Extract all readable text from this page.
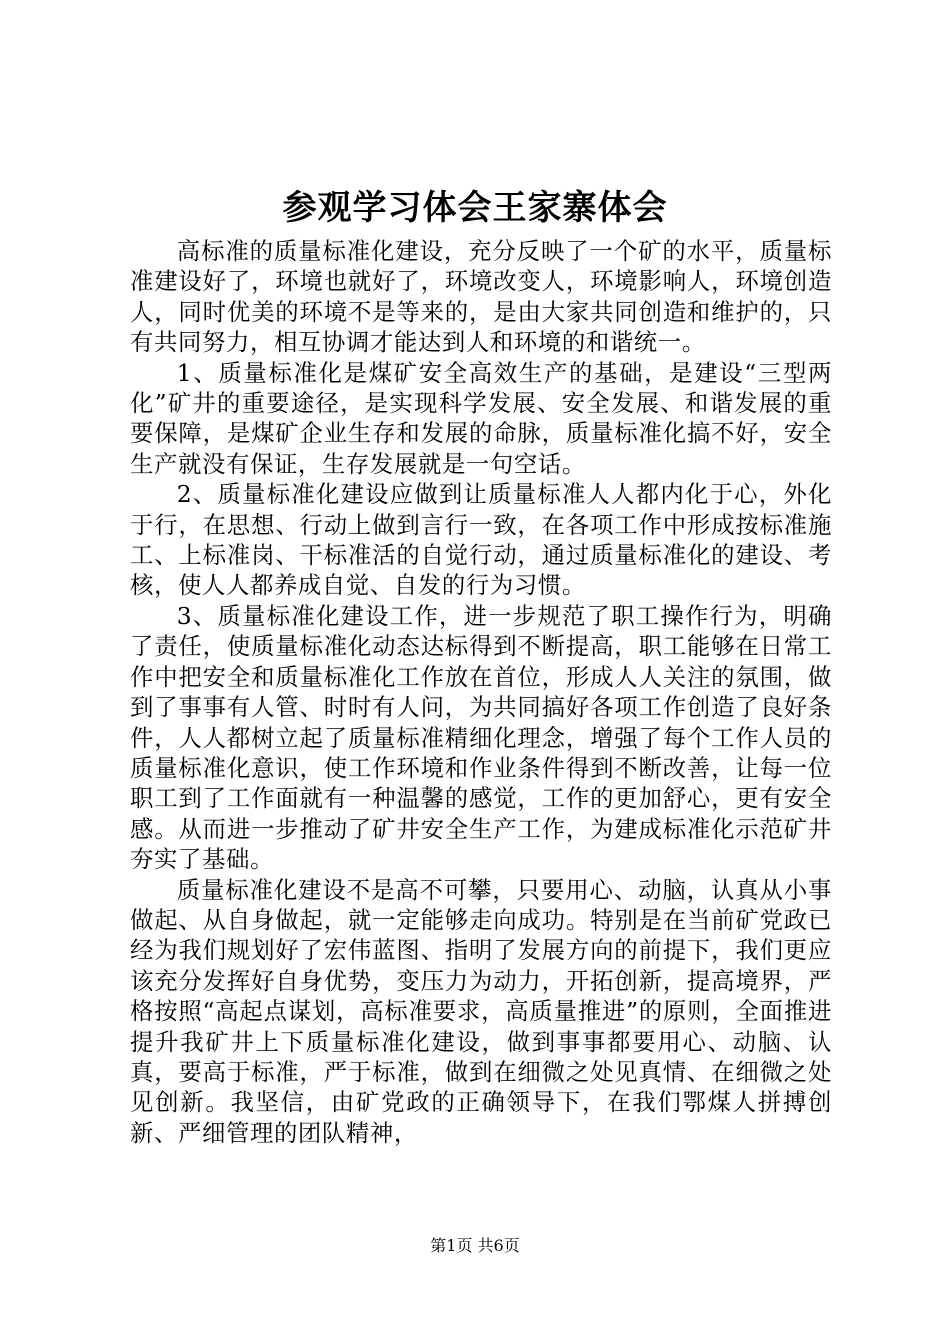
参观学习体会王家寨体会

高标准的质量标准化建设，充分反映了一个矿的水平，质量标准建设好了，环境也就好了，环境改变人，环境影响人，环境创造人，同时优美的环境不是等来的，是由大家共同创造和维护的，只有共同努力，相互协调才能达到人和环境的和谐统一。

1、质量标准化是煤矿安全高效生产的基础，是建设“三型两化”矿井的重要途径，是实现科学发展、安全发展、和谐发展的重要保障，是煤矿企业生存和发展的命脉，质量标准化搞不好，安全生产就没有保证，生存发展就是一句空话。

2、质量标准化建设应做到让质量标准人人都内化于心，外化于行，在思想、行动上做到言行一致，在各项工作中形成按标准施工、上标准岗、干标准活的自觉行动，通过质量标准化的建设、考核，使人人都养成自觉、自发的行为习惯。

3、质量标准化建设工作，进一步规范了职工操作行为，明确了责任，使质量标准化动态达标得到不断提高，职工能够在日常工作中把安全和质量标准化工作放在首位，形成人人关注的氛围，做到了事事有人管、时时有人问，为共同搞好各项工作创造了良好条件，人人都树立起了质量标准精细化理念，增强了每个工作人员的质量标准化意识，使工作环境和作业条件得到不断改善，让每一位职工到了工作面就有一种温馨的感觉，工作的更加舒心，更有安全感。从而进一步推动了矿井安全生产工作，为建成标准化示范矿井夯实了基础。

质量标准化建设不是高不可攀，只要用心、动脑，认真从小事做起、从自身做起，就一定能够走向成功。特别是在当前矿党政已经为我们规划好了宏伟蓝图、指明了发展方向的前提下，我们更应该充分发挥好自身优势，变压力为动力，开拓创新，提高境界，严格按照“高起点谋划，高标准要求，高质量推进”的原则，全面推进提升我矿井上下质量标准化建设，做到事事都要用心、动脑、认真，要高于标准，严于标准，做到在细微之处见真情、在细微之处见创新。我坚信，由矿党政的正确领导下，在我们鄂煤人拼搏创新、严细管理的团队精神，

第1页 共6页
